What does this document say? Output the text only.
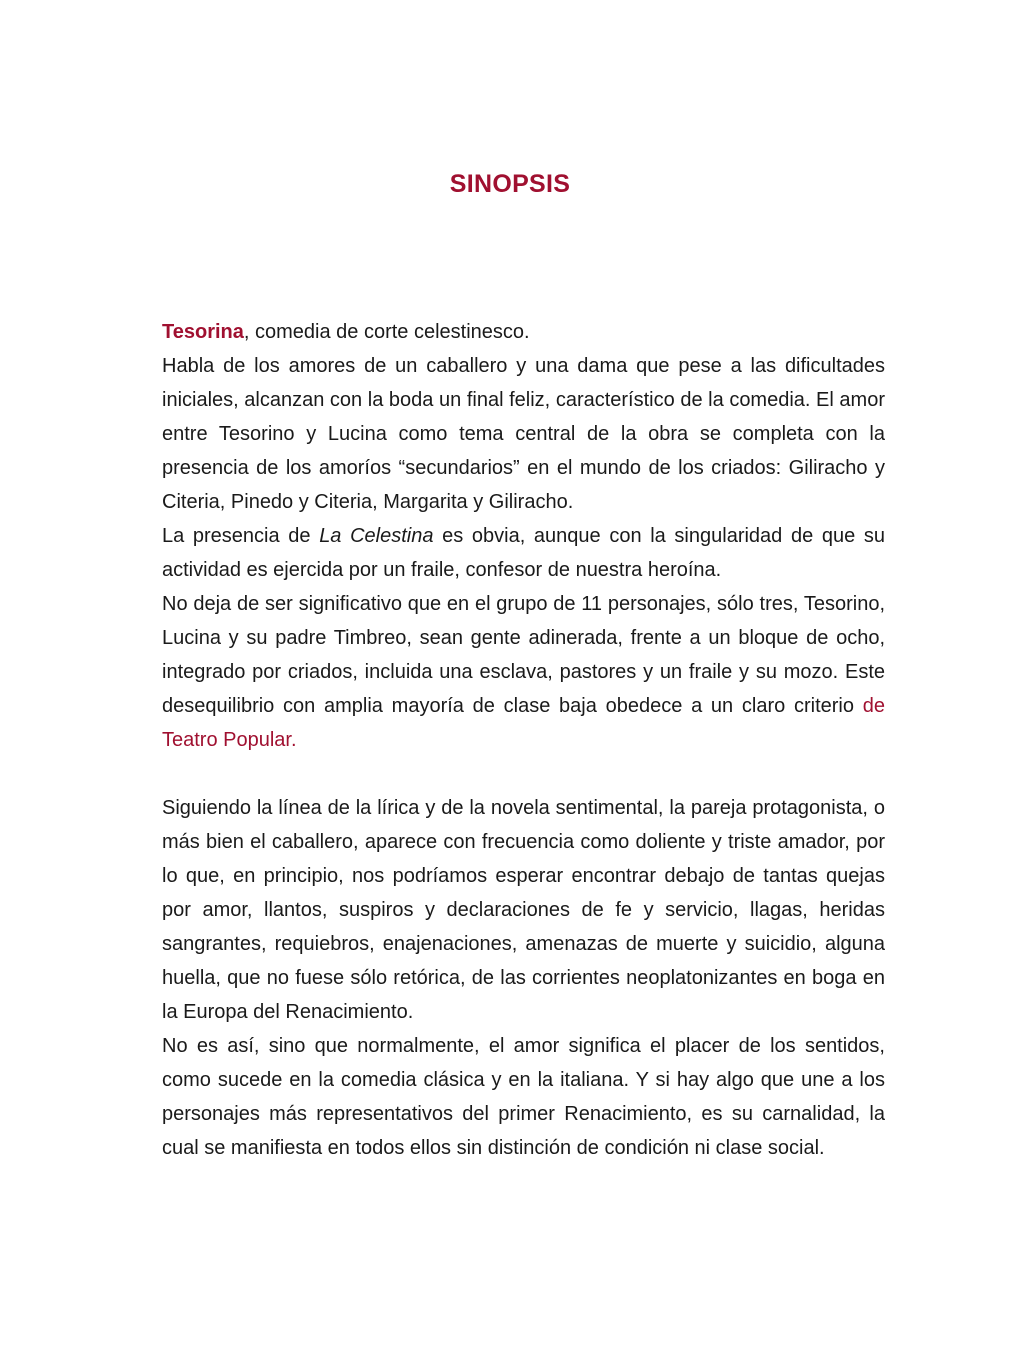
SINOPSIS

Tesorina, comedia de corte celestinesco.

Habla de los amores de un caballero y una dama que pese a las dificultades iniciales, alcanzan con la boda un final feliz, característico de la comedia. El amor entre Tesorino y Lucina como tema central de la obra se completa con la presencia de los amoríos “secundarios” en el mundo de los criados: Giliracho y Citeria, Pinedo y Citeria, Margarita y Giliracho.

La presencia de La Celestina es obvia, aunque con la singularidad de que su actividad es ejercida por un fraile, confesor de nuestra heroína.

No deja de ser significativo que en el grupo de 11 personajes, sólo tres, Tesorino, Lucina y su padre Timbreo, sean gente adinerada, frente a un bloque de ocho, integrado por criados, incluida una esclava, pastores y un fraile y su mozo. Este desequilibrio con amplia mayoría de clase baja obedece a un claro criterio de Teatro Popular.

Siguiendo la línea de la lírica y de la novela sentimental, la pareja protagonista, o más bien el caballero, aparece con frecuencia como doliente y triste amador, por lo que, en principio, nos podríamos esperar encontrar debajo de tantas quejas por amor, llantos, suspiros y declaraciones de fe y servicio, llagas, heridas sangrantes, requiebros, enajenaciones, amenazas de muerte y suicidio, alguna huella, que no fuese sólo retórica, de las corrientes neoplatonizantes en boga en la Europa del Renacimiento.

No es así, sino que normalmente, el amor significa el placer de los sentidos, como sucede en la comedia clásica y en la italiana. Y si hay algo que une a los personajes más representativos del primer Renacimiento, es su carnalidad, la cual se manifiesta en todos ellos sin distinción de condición ni clase social.
